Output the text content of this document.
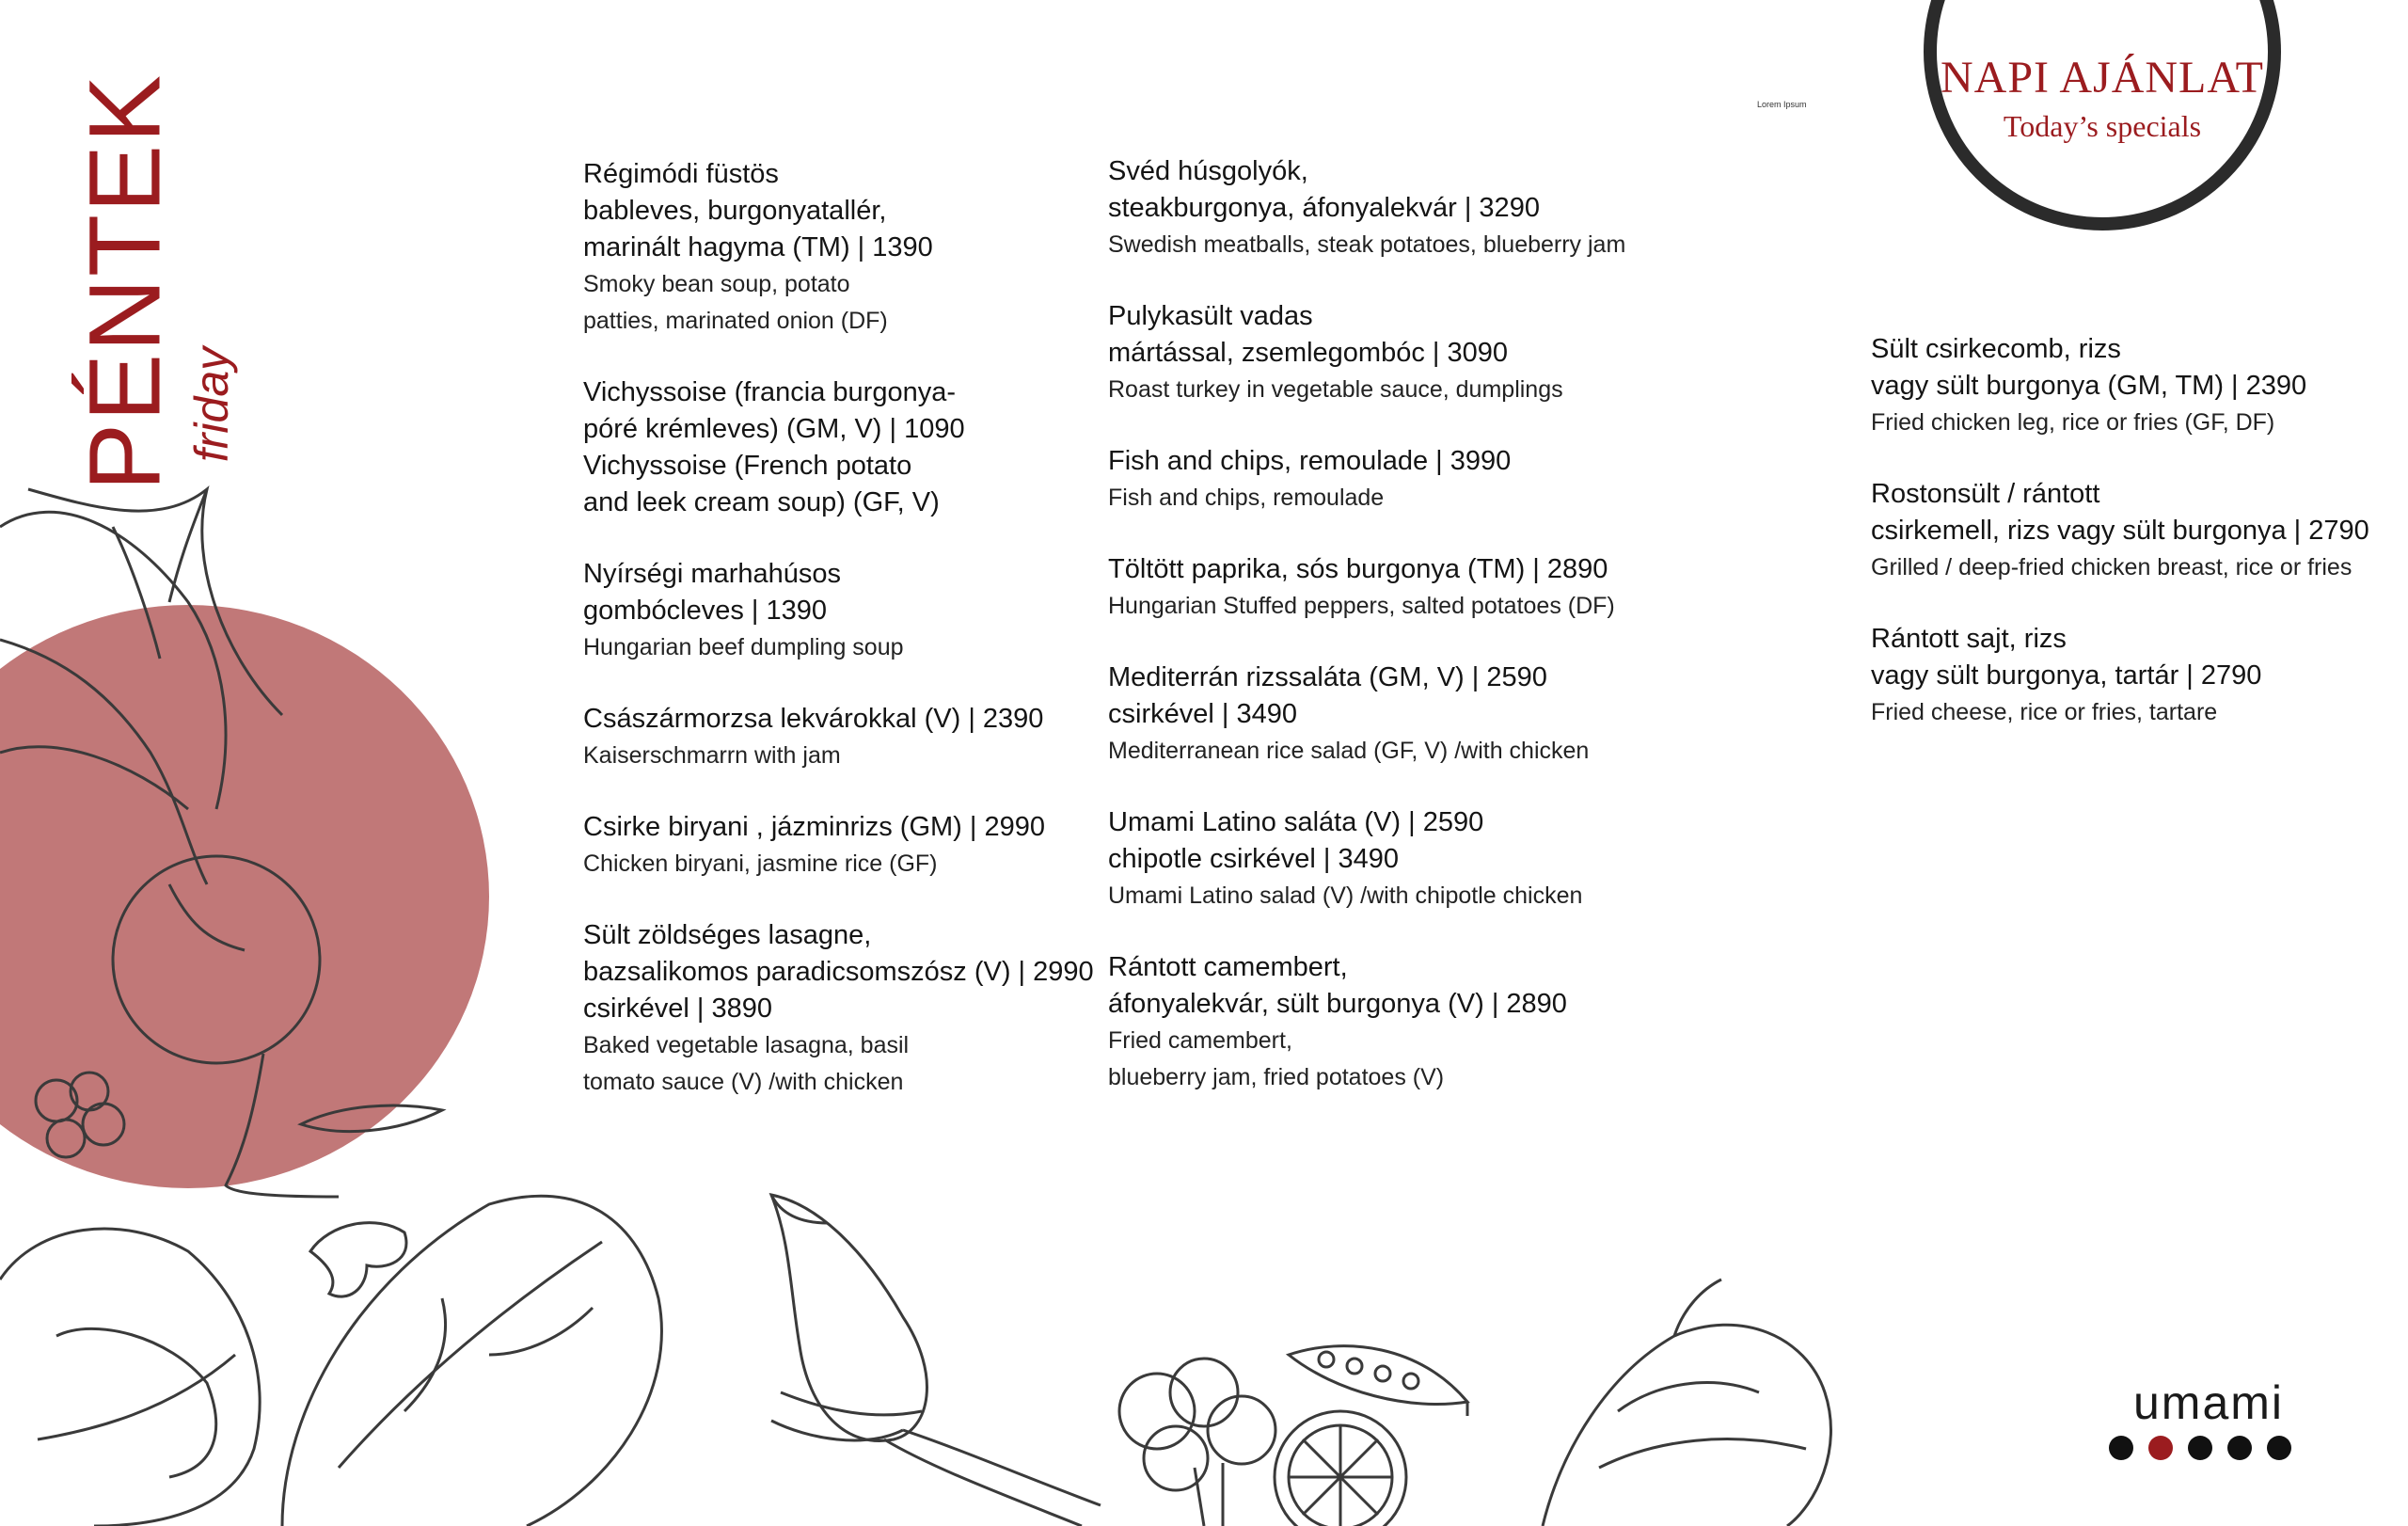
PÉNTEK friday
NAPI AJÁNLAT
Today’s specials
Lorem Ipsum
Régimódi füstös
bableves, burgonyatallér,
marinált hagyma (TM) | 1390
Smoky bean soup, potato
patties, marinated onion (DF)
Vichyssoise (francia burgonya-
póré krémleves) (GM, V) | 1090
Vichyssoise (French potato
and leek cream soup) (GF, V)
Nyírségi marhahúsos
gombócleves | 1390
Hungarian beef dumpling soup
Császármorzsa lekvárokkal (V) | 2390
Kaiserschmarrn with jam
Csirke biryani , jázminrizs (GM) | 2990
Chicken biryani, jasmine rice (GF)
Sült zöldséges lasagne,
bazsalikomos paradicsomszósz (V) | 2990
csirkével | 3890
Baked vegetable lasagna, basil
tomato sauce (V) /with chicken
Svéd húsgolyók,
steakburgonya, áfonyalekvár | 3290
Swedish meatballs, steak potatoes, blueberry jam
Pulykasült vadas
mártással, zsemlegombóc | 3090
Roast turkey in vegetable sauce, dumplings
Fish and chips, remoulade | 3990
Fish and chips, remoulade
Töltött paprika, sós burgonya (TM) | 2890
Hungarian Stuffed peppers, salted potatoes (DF)
Mediterrán rizssaláta (GM, V) | 2590
csirkével | 3490
Mediterranean rice salad (GF, V) /with chicken
Umami Latino saláta (V) | 2590
chipotle csirkével | 3490
Umami Latino salad (V) /with chipotle chicken
Rántott camembert,
áfonyalekvár, sült burgonya (V) | 2890
Fried camembert,
blueberry jam, fried potatoes (V)
Sült csirkecomb, rizs
vagy sült burgonya (GM, TM) | 2390
Fried chicken leg, rice or fries (GF, DF)
Rostonsült / rántott
csirkemell, rizs vagy sült burgonya | 2790
Grilled / deep-fried chicken breast, rice or fries
Rántott sajt, rizs
vagy sült burgonya, tartár | 2790
Fried cheese, rice or fries, tartare
umami
